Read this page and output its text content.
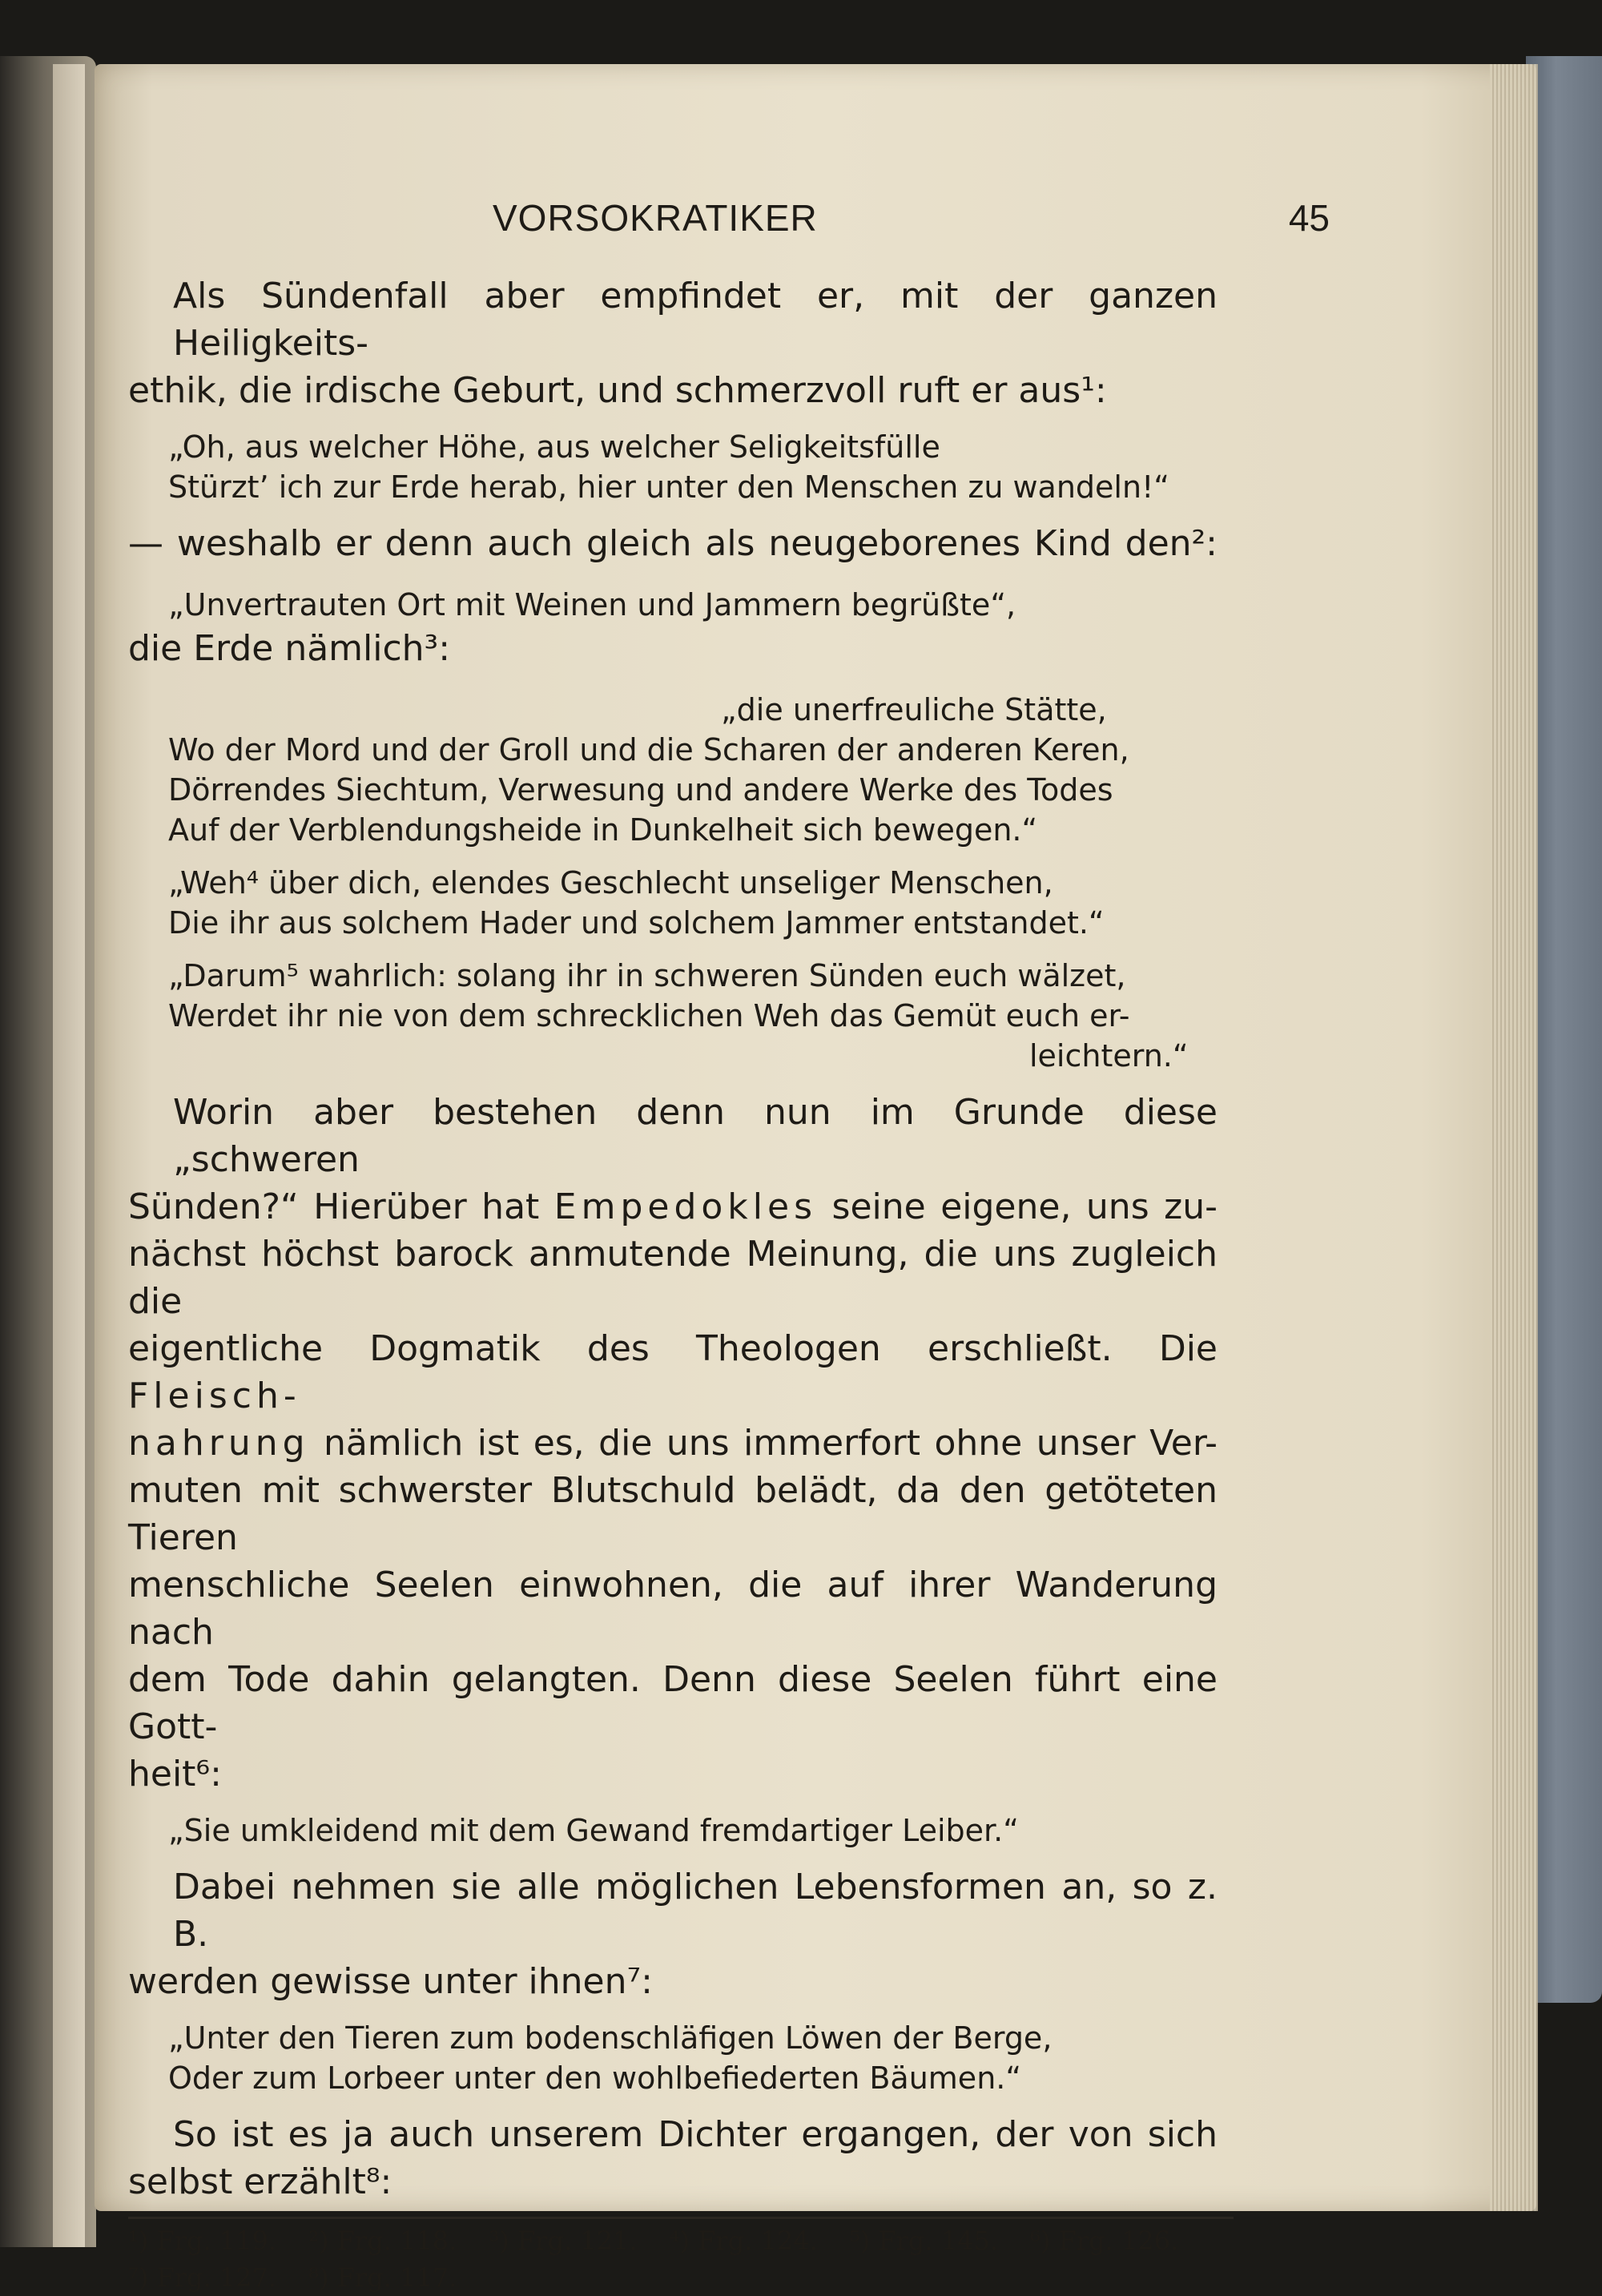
VORSOKRATIKER	45
Als Sündenfall aber empfindet er, mit der ganzen Heiligkeits-
ethik, die irdische Geburt, und schmerzvoll ruft er aus¹:
„Oh, aus welcher Höhe, aus welcher Seligkeitsfülle
Stürzt’ ich zur Erde herab, hier unter den Menschen zu wandeln!“
— weshalb er denn auch gleich als neugeborenes Kind den²:
„Unvertrauten Ort mit Weinen und Jammern begrüßte“,
die Erde nämlich³:
„die unerfreuliche Stätte,
Wo der Mord und der Groll und die Scharen der anderen Keren,
Dörrendes Siechtum, Verwesung und andere Werke des Todes
Auf der Verblendungsheide in Dunkelheit sich bewegen.“
„Weh⁴ über dich, elendes Geschlecht unseliger Menschen,
Die ihr aus solchem Hader und solchem Jammer entstandet.“
„Darum⁵ wahrlich: solang ihr in schweren Sünden euch wälzet,
Werdet ihr nie von dem schrecklichen Weh das Gemüt euch er-
leichtern.“
Worin aber bestehen denn nun im Grunde diese „schweren
Sünden?“ Hierüber hat Empedokles seine eigene, uns zu-
nächst höchst barock anmutende Meinung, die uns zugleich die
eigentliche Dogmatik des Theologen erschließt. Die Fleisch-
nahrung nämlich ist es, die uns immerfort ohne unser Ver-
muten mit schwerster Blutschuld belädt, da den getöteten Tieren
menschliche Seelen einwohnen, die auf ihrer Wanderung nach
dem Tode dahin gelangten. Denn diese Seelen führt eine Gott-
heit⁶:
„Sie umkleidend mit dem Gewand fremdartiger Leiber.“
Dabei nehmen sie alle möglichen Lebensformen an, so z. B.
werden gewisse unter ihnen⁷:
„Unter den Tieren zum bodenschläfigen Löwen der Berge,
Oder zum Lorbeer unter den wohlbefiederten Bäumen.“
So ist es ja auch unserem Dichter ergangen, der von sich
selbst erzählt⁸:
¹) Frg. 119. ²) Frg. 118. ³) Frg. 121. ⁴) Frg. 124. ⁵) Frg. 145. ⁶) Frg. 126.
⁷) Frg. 127. ⁸) Frg. 117.
